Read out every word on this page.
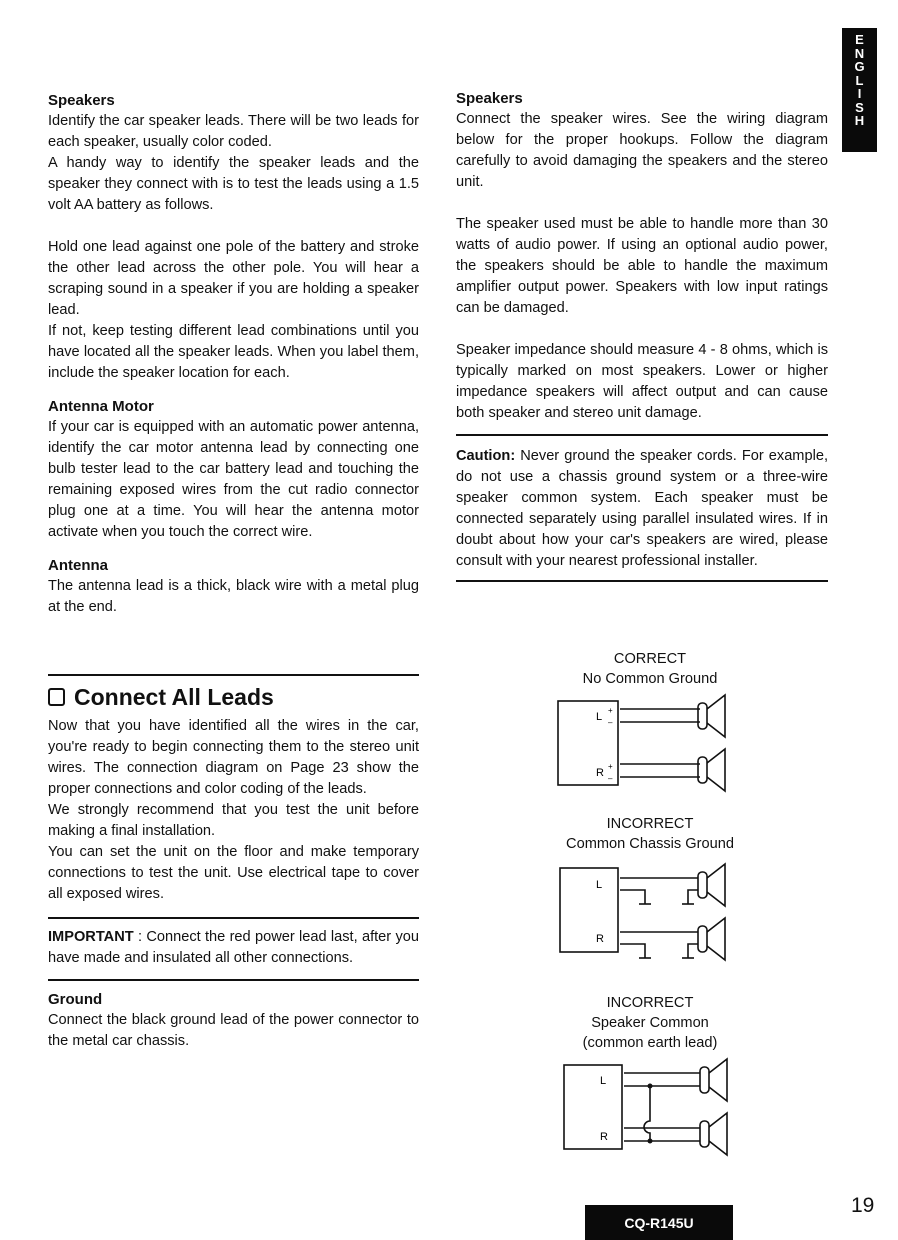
E
N
G
L
I
S
H
Speakers

Identify the car speaker leads. There will be two leads for each speaker, usually color coded.

A handy way to identify the speaker leads and the speaker they connect with is to test the leads using a 1.5 volt AA battery as follows.

Hold one lead against one pole of the battery and stroke the other lead across the other pole. You will hear a scraping sound in a speaker if you are holding a speaker lead.

If not, keep testing different lead combinations until you have located all the speaker leads. When you label them, include the speaker location for each.

Antenna Motor

If your car is equipped with an automatic power antenna, identify the car motor antenna lead by connecting one bulb tester lead to the car battery lead and touching the remaining exposed wires from the cut radio connector plug one at a time. You will hear the antenna motor activate when you touch the correct wire.

Antenna

The antenna lead is a thick, black wire with a metal plug at the end.

Connect All Leads

Now that you have identified all the wires in the car, you're ready to begin connecting them to the stereo unit wires. The connection diagram on Page 23 show the proper connections and color coding of the leads.

We strongly recommend that you test the unit before making a final installation.

You can set the unit on the floor and make temporary connections to test the unit. Use electrical tape to cover all exposed wires.

IMPORTANT : Connect the red power lead last, after you have made and insulated all other connections.

Ground

Connect the black ground lead of the power connector to the metal car chassis.

Speakers

Connect the speaker wires. See the wiring diagram below for the proper hookups. Follow the diagram carefully to avoid damaging the speakers and the stereo unit.

The speaker used must be able to handle more than 30 watts of audio power. If using an optional audio power, the speakers should be able to handle the maximum amplifier output power. Speakers with low input ratings can be damaged.

Speaker impedance should measure 4 - 8 ohms, which is typically marked on most speakers. Lower or higher impedance speakers will affect output and can cause both speaker and stereo unit damage.

Caution: Never ground the speaker cords. For example, do not use a chassis ground system or a three-wire speaker common system. Each speaker must be connected separately using parallel insulated wires. If in doubt about how your car's speakers are wired, please consult with your nearest professional installer.

CORRECT
No Common Ground
L
R
+
–
+
–
INCORRECT
Common Chassis Ground
L
R
INCORRECT
Speaker Common
(common earth lead)
L
R
CQ-R145U
19
